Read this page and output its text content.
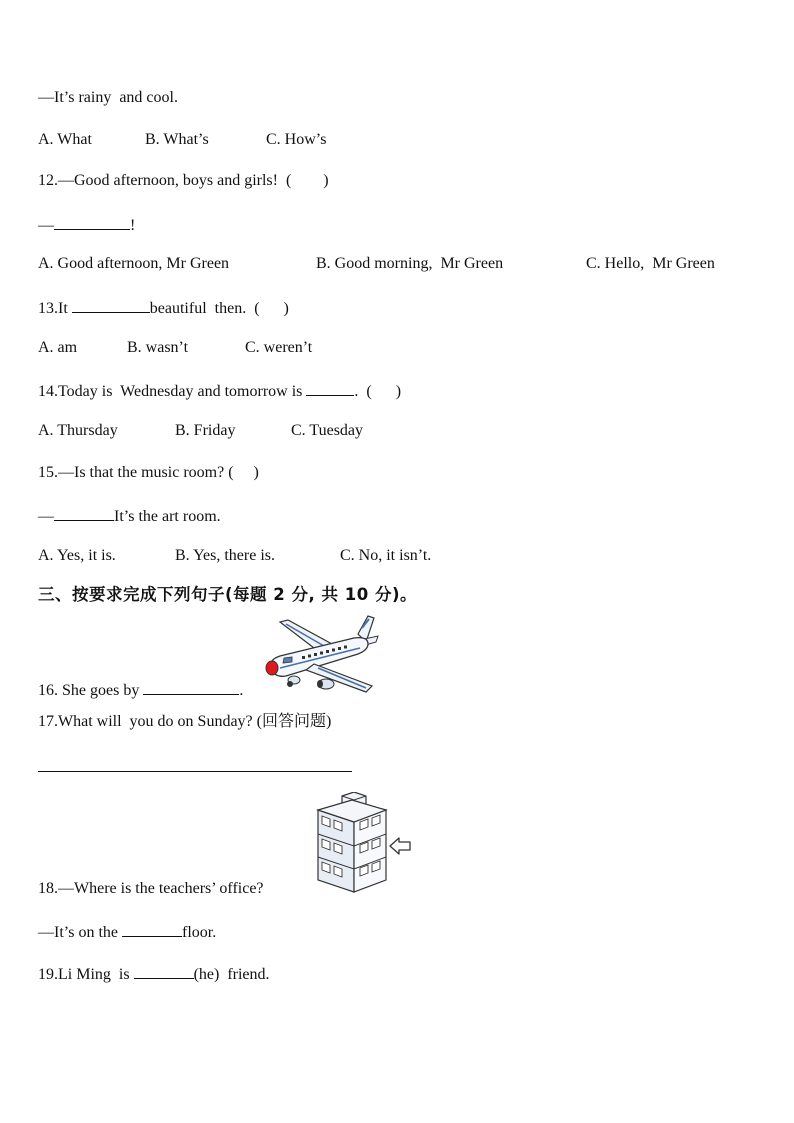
—It’s rainy  and cool.
A. What	B. What’s	C. How’s
12.—Good afternoon, boys and girls!  (        )
—	!
A. Good afternoon, Mr Green	B. Good morning,  Mr Green	C. Hello,  Mr Green
13.It	beautiful  then.  (      )
A. am	B. wasn’t	C. weren’t
14.Today is  Wednesday and tomorrow is	.  (      )
A. Thursday	B. Friday	C. Tuesday
15.—Is that the music room? (     )
—	It’s the art room.
A. Yes, it is.	B. Yes, there is.	C. No, it isn’t.
三、按要求完成下列句子(每题 2 分, 共 10 分)。
16. She goes by	.
17.What will  you do on Sunday? (回答问题)
18.—Where is the teachers’ office?
—It’s on the	floor.
19.Li Ming  is	(he)  friend.
